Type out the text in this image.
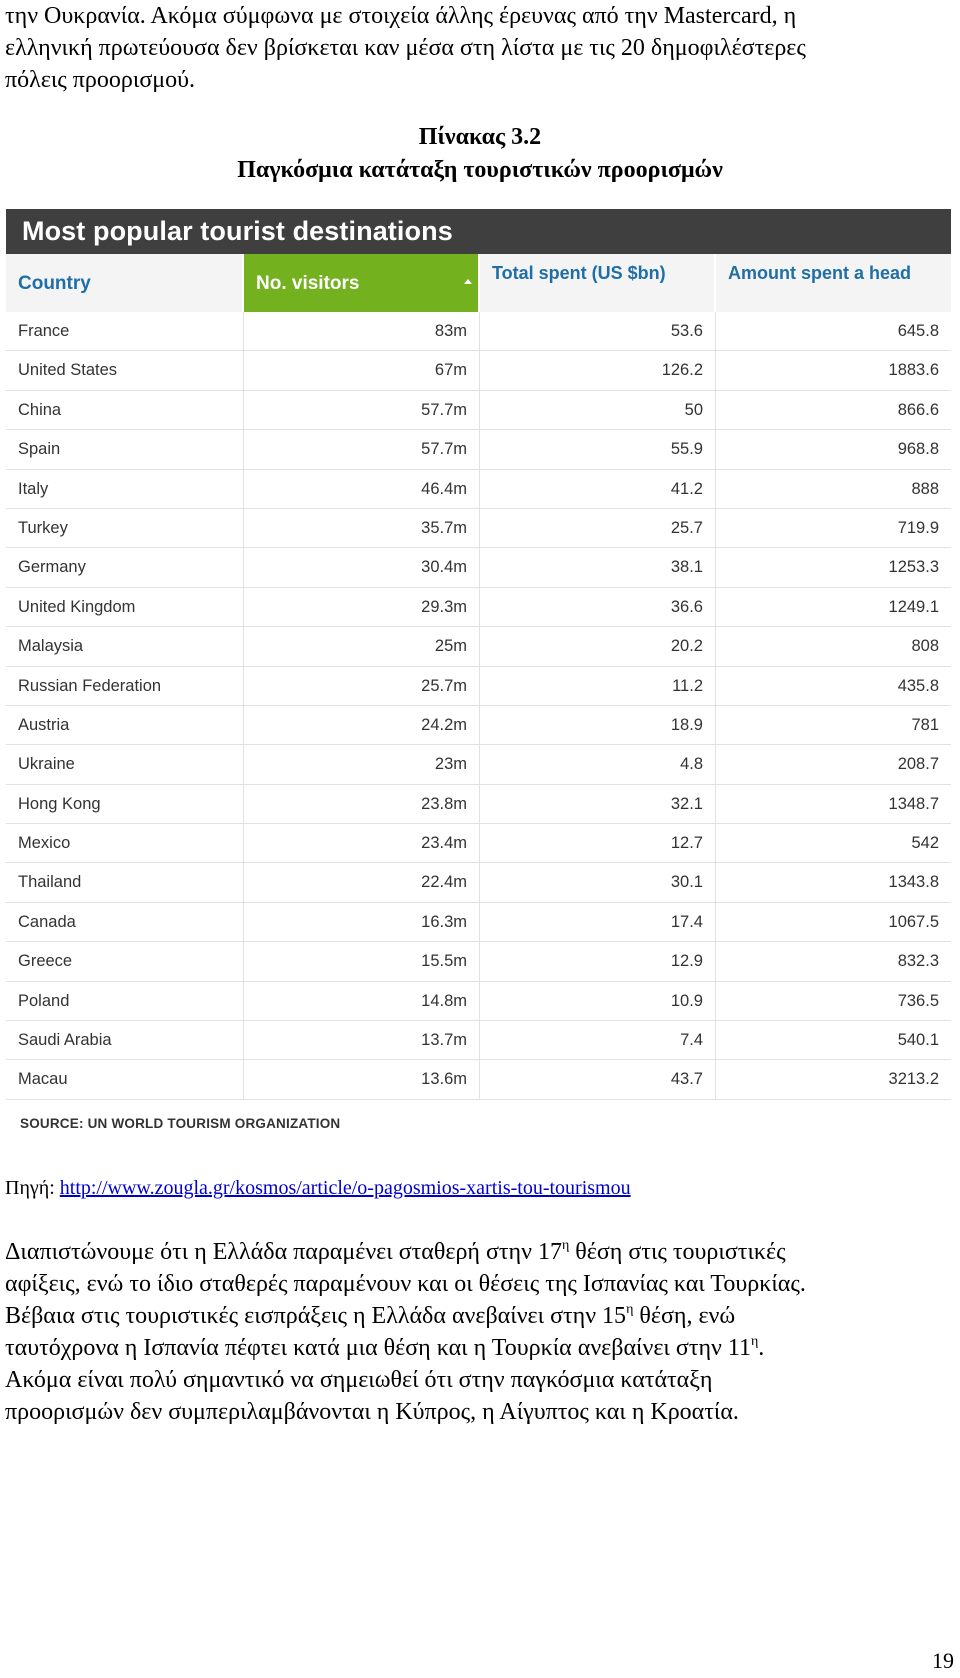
την Ουκρανία. Ακόμα σύμφωνα με στοιχεία άλλης έρευνας από την Mastercard, η
ελληνική πρωτεύουσα δεν βρίσκεται καν μέσα στη λίστα με τις 20 δημοφιλέστερες
πόλεις προορισμού.
Πίνακας 3.2
Παγκόσμια κατάταξη τουριστικών προορισμών
Most popular tourist destinations
Country	No. visitors	Total spent (US $bn)	Amount spent a head
France	83m	53.6	645.8
United States	67m	126.2	1883.6
China	57.7m	50	866.6
Spain	57.7m	55.9	968.8
Italy	46.4m	41.2	888
Turkey	35.7m	25.7	719.9
Germany	30.4m	38.1	1253.3
United Kingdom	29.3m	36.6	1249.1
Malaysia	25m	20.2	808
Russian Federation	25.7m	11.2	435.8
Austria	24.2m	18.9	781
Ukraine	23m	4.8	208.7
Hong Kong	23.8m	32.1	1348.7
Mexico	23.4m	12.7	542
Thailand	22.4m	30.1	1343.8
Canada	16.3m	17.4	1067.5
Greece	15.5m	12.9	832.3
Poland	14.8m	10.9	736.5
Saudi Arabia	13.7m	7.4	540.1
Macau	13.6m	43.7	3213.2
SOURCE: UN WORLD TOURISM ORGANIZATION
Πηγή: http://www.zougla.gr/kosmos/article/o-pagosmios-xartis-tou-tourismou
Διαπιστώνουμε ότι η Ελλάδα παραμένει σταθερή στην $17^\eta$ θέση στις τουριστικές
αφίξεις, ενώ το ίδιο σταθερές παραμένουν και οι θέσεις της Ισπανίας και Τουρκίας.
Βέβαια στις τουριστικές εισπράξεις η Ελλάδα ανεβαίνει στην $15^\eta$ θέση, ενώ
ταυτόχρονα η Ισπανία πέφτει κατά μια θέση και η Τουρκία ανεβαίνει στην $11^\eta$.
Ακόμα είναι πολύ σημαντικό να σημειωθεί ότι στην παγκόσμια κατάταξη
προορισμών δεν συμπεριλαμβάνονται η Κύπρος, η Αίγυπτος και η Κροατία.
19
